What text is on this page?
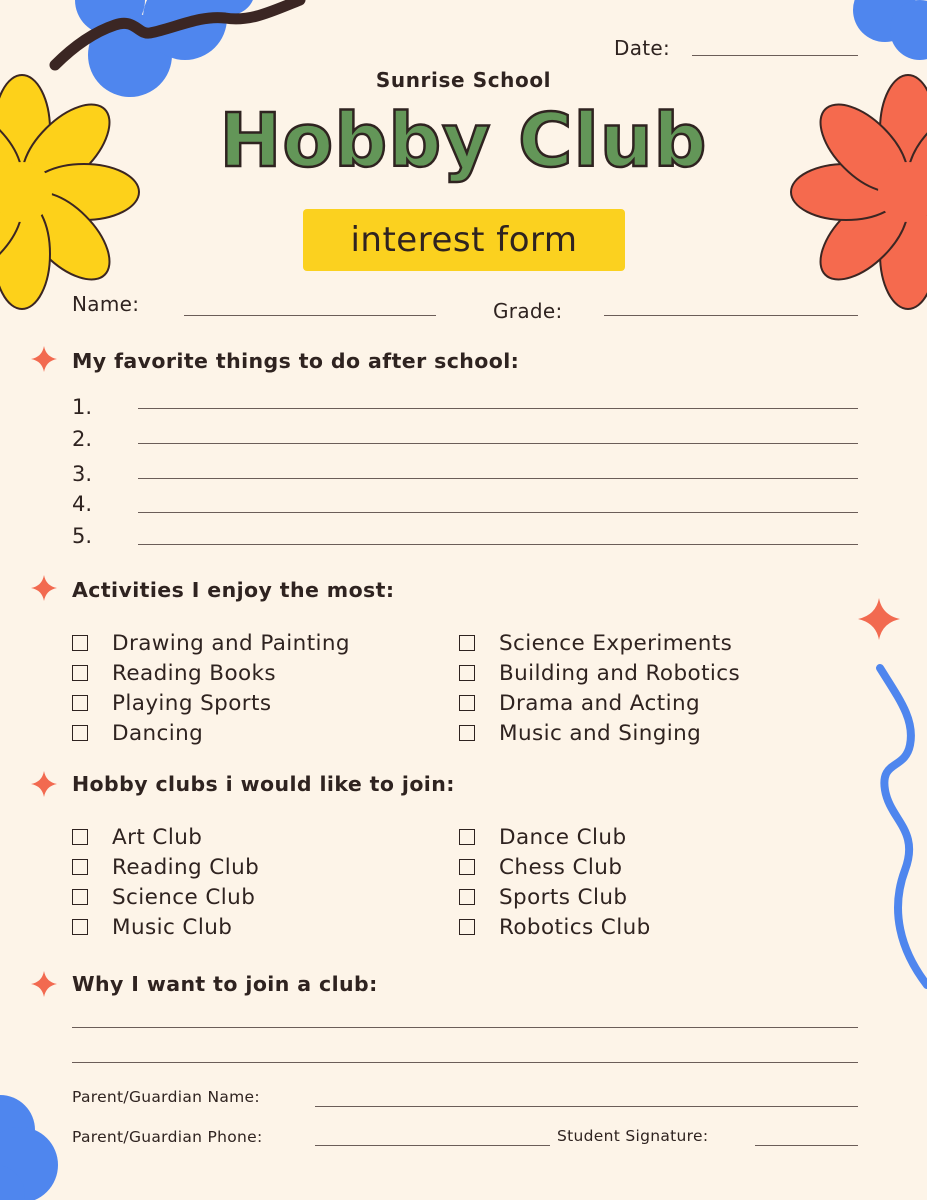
Date:
Sunrise School
Hobby Club
interest form
Name:	Grade:
My favorite things to do after school:
1.
2.
3.
4.
5.
Activities I enjoy the most:
Drawing and Painting
Reading Books
Playing Sports
Dancing
Science Experiments
Building and Robotics
Drama and Acting
Music and Singing
Hobby clubs i would like to join:
Art Club
Reading Club
Science Club
Music Club
Dance Club
Chess Club
Sports Club
Robotics Club
Why I want to join a club:
Parent/Guardian Name:
Parent/Guardian Phone:	Student Signature:
